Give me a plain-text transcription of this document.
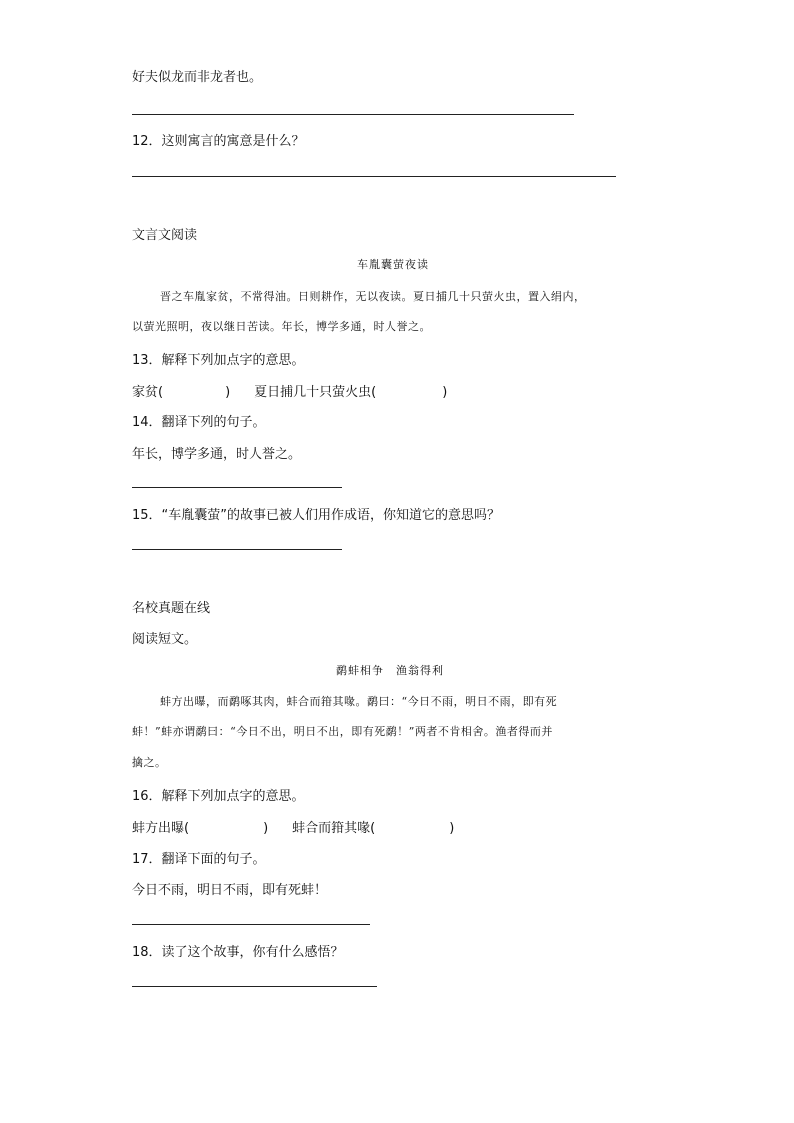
好夫似龙而非龙者也。
12．这则寓言的寓意是什么？
文言文阅读
车胤囊萤夜读
晋之车胤家贫，不常得油。日则耕作，无以夜读。夏日捕几十只萤火虫，置入绢内，
以萤光照明，夜以继日苦读。年长，博学多通，时人誉之。
13．解释下列加点字的意思。
家贫(	) 夏日捕几十只萤火虫(	)
14．翻译下列的句子。
年长，博学多通，时人誉之。
15．“车胤囊萤”的故事已被人们用作成语，你知道它的意思吗？
名校真题在线
阅读短文。
鹬蚌相争　渔翁得利
蚌方出曝，而鹬啄其肉，蚌合而箝其喙。鹬曰：“今日不雨，明日不雨，即有死
蚌！”蚌亦谓鹬曰：“今日不出，明日不出，即有死鹬！”两者不肯相舍。渔者得而并
擒之。
16．解释下列加点字的意思。
蚌方出曝(	) 蚌合而箝其喙(	)
17．翻译下面的句子。
今日不雨，明日不雨，即有死蚌！
18．读了这个故事，你有什么感悟？
